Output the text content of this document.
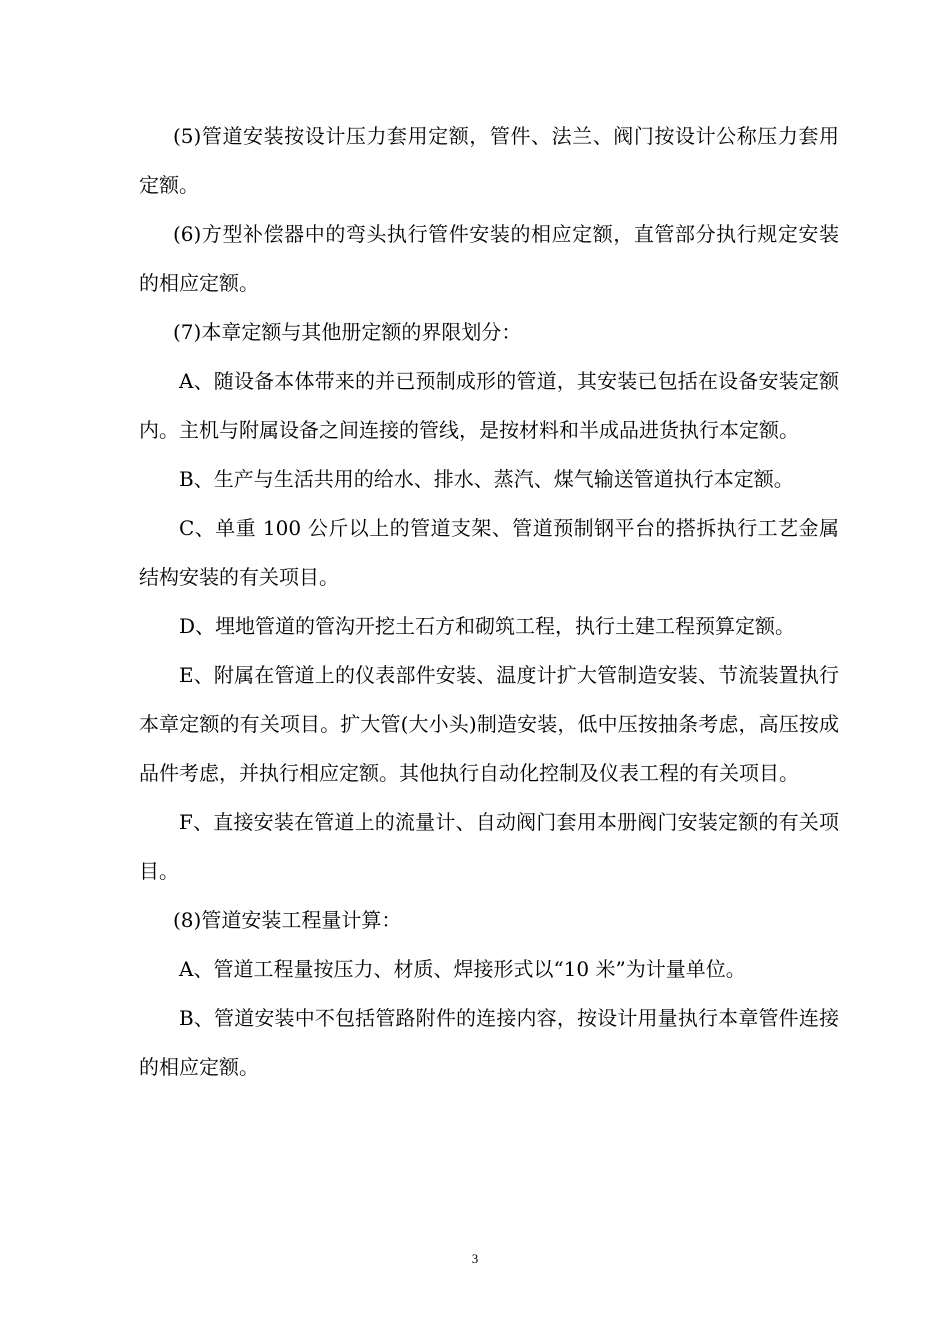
(5)管道安装按设计压力套用定额，管件、法兰、阀门按设计公称压力套用定额。

(6)方型补偿器中的弯头执行管件安装的相应定额，直管部分执行规定安装的相应定额。

(7)本章定额与其他册定额的界限划分：

A、随设备本体带来的并已预制成形的管道，其安装已包括在设备安装定额内。主机与附属设备之间连接的管线，是按材料和半成品进货执行本定额。

B、生产与生活共用的给水、排水、蒸汽、煤气输送管道执行本定额。

C、单重 100 公斤以上的管道支架、管道预制钢平台的搭拆执行工艺金属结构安装的有关项目。

D、埋地管道的管沟开挖土石方和砌筑工程，执行土建工程预算定额。

E、附属在管道上的仪表部件安装、温度计扩大管制造安装、节流装置执行本章定额的有关项目。扩大管(大小头)制造安装，低中压按抽条考虑，高压按成品件考虑，并执行相应定额。其他执行自动化控制及仪表工程的有关项目。

F、直接安装在管道上的流量计、自动阀门套用本册阀门安装定额的有关项目。

(8)管道安装工程量计算：

A、管道工程量按压力、材质、焊接形式以“10 米”为计量单位。

B、管道安装中不包括管路附件的连接内容，按设计用量执行本章管件连接的相应定额。

3
